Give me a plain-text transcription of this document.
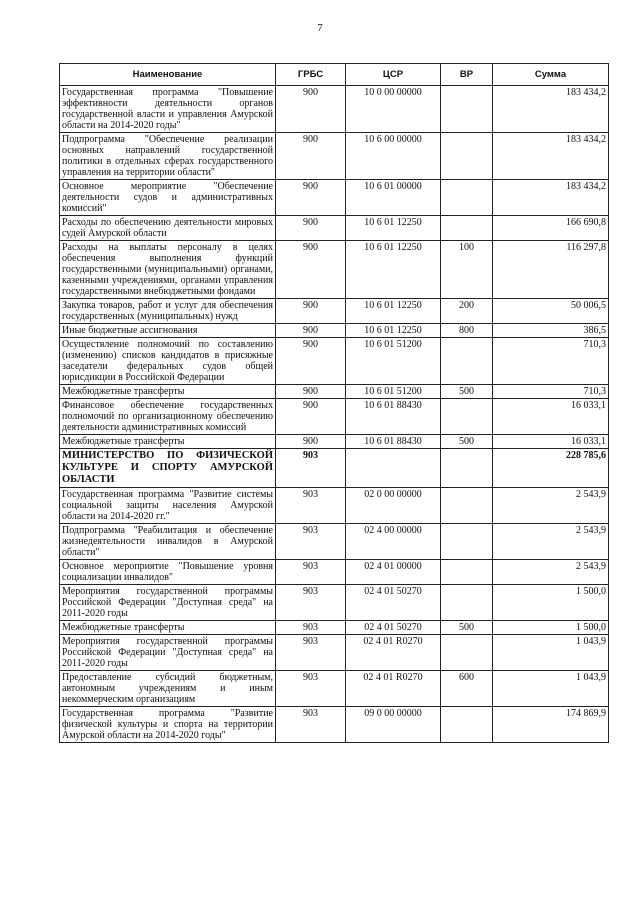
7
Наименование	ГРБС	ЦСР	ВР	Сумма
Государственная программа "Повышение эффективности деятельности органов государственной власти и управления Амурской области на 2014-2020 годы"	900	10 0 00 00000		183 434,2
Подпрограмма "Обеспечение реализации основных направлений государственной политики в отдельных сферах государственного управления на территории области"	900	10 6 00 00000		183 434,2
Основное мероприятие "Обеспечение деятельности судов и административных комиссий"	900	10 6 01 00000		183 434,2
Расходы по обеспечению деятельности мировых судей Амурской области	900	10 6 01 12250		166 690,8
Расходы на выплаты персоналу в целях обеспечения выполнения функций государственными (муниципальными) органами, казенными учреждениями, органами управления государственными внебюджетными фондами	900	10 6 01 12250	100	116 297,8
Закупка товаров, работ и услуг для обеспечения государственных (муниципальных) нужд	900	10 6 01 12250	200	50 006,5
Иные бюджетные ассигнования	900	10 6 01 12250	800	386,5
Осуществление полномочий по составлению (изменению) списков кандидатов в присяжные заседатели федеральных судов общей юрисдикции в Российской Федерации	900	10 6 01 51200		710,3
Межбюджетные трансферты	900	10 6 01 51200	500	710,3
Финансовое обеспечение государственных полномочий по организационному обеспечению деятельности административных комиссий	900	10 6 01 88430		16 033,1
Межбюджетные трансферты	900	10 6 01 88430	500	16 033,1
МИНИСТЕРСТВО ПО ФИЗИЧЕСКОЙ КУЛЬТУРЕ И СПОРТУ АМУРСКОЙ ОБЛАСТИ	903			228 785,6
Государственная программа "Развитие системы социальной защиты населения Амурской области на 2014-2020 гг."	903	02 0 00 00000		2 543,9
Подпрограмма "Реабилитация и обеспечение жизнедеятельности инвалидов в Амурской области"	903	02 4 00 00000		2 543,9
Основное мероприятие "Повышение уровня социализации инвалидов"	903	02 4 01 00000		2 543,9
Мероприятия государственной программы Российской Федерации "Доступная среда" на 2011-2020 годы	903	02 4 01 50270		1 500,0
Межбюджетные трансферты	903	02 4 01 50270	500	1 500,0
Мероприятия государственной программы Российской Федерации "Доступная среда" на 2011-2020 годы	903	02 4 01 R0270		1 043,9
Предоставление субсидий бюджетным, автономным учреждениям и иным некоммерческим организациям	903	02 4 01 R0270	600	1 043,9
Государственная программа "Развитие физической культуры и спорта на территории Амурской области на 2014-2020 годы"	903	09 0 00 00000		174 869,9
